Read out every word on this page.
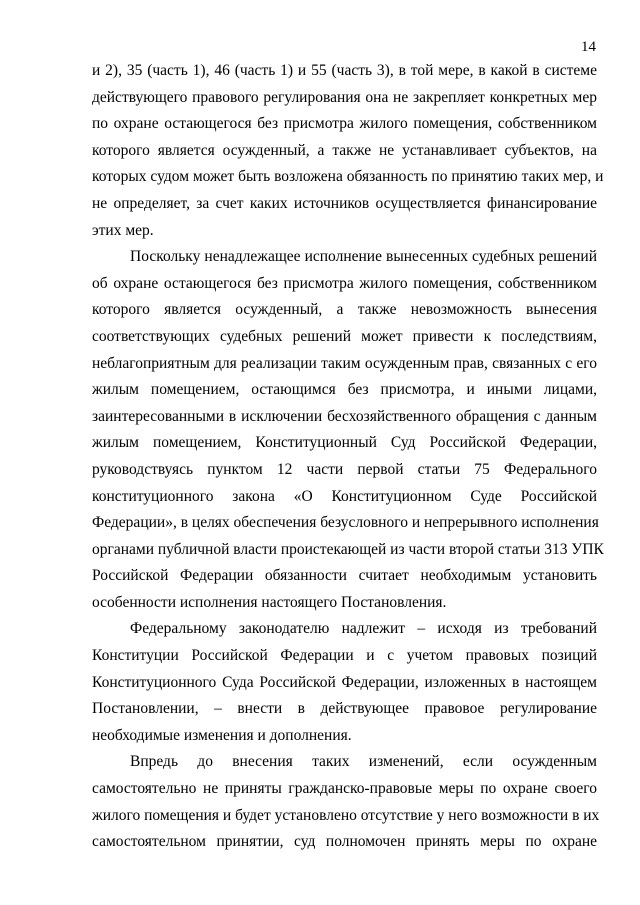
14
и 2), 35 (часть 1), 46 (часть 1) и 55 (часть 3), в той мере, в какой в системе
действующего правового регулирования она не закрепляет конкретных мер
по охране остающегося без присмотра жилого помещения, собственником
которого является осужденный, а также не устанавливает субъектов, на
которых судом может быть возложена обязанность по принятию таких мер, и
не определяет, за счет каких источников осуществляется финансирование
этих мер.
Поскольку ненадлежащее исполнение вынесенных судебных решений
об охране остающегося без присмотра жилого помещения, собственником
которого является осужденный, а также невозможность вынесения
соответствующих судебных решений может привести к последствиям,
неблагоприятным для реализации таким осужденным прав, связанных с его
жилым помещением, остающимся без присмотра, и иными лицами,
заинтересованными в исключении бесхозяйственного обращения с данным
жилым помещением, Конституционный Суд Российской Федерации,
руководствуясь пунктом 12 части первой статьи 75 Федерального
конституционного закона «О Конституционном Суде Российской
Федерации», в целях обеспечения безусловного и непрерывного исполнения
органами публичной власти проистекающей из части второй статьи 313 УПК
Российской Федерации обязанности считает необходимым установить
особенности исполнения настоящего Постановления.
Федеральному законодателю надлежит – исходя из требований
Конституции Российской Федерации и с учетом правовых позиций
Конституционного Суда Российской Федерации, изложенных в настоящем
Постановлении, – внести в действующее правовое регулирование
необходимые изменения и дополнения.
Впредь до внесения таких изменений, если осужденным
самостоятельно не приняты гражданско-правовые меры по охране своего
жилого помещения и будет установлено отсутствие у него возможности в их
самостоятельном принятии, суд полномочен принять меры по охране
